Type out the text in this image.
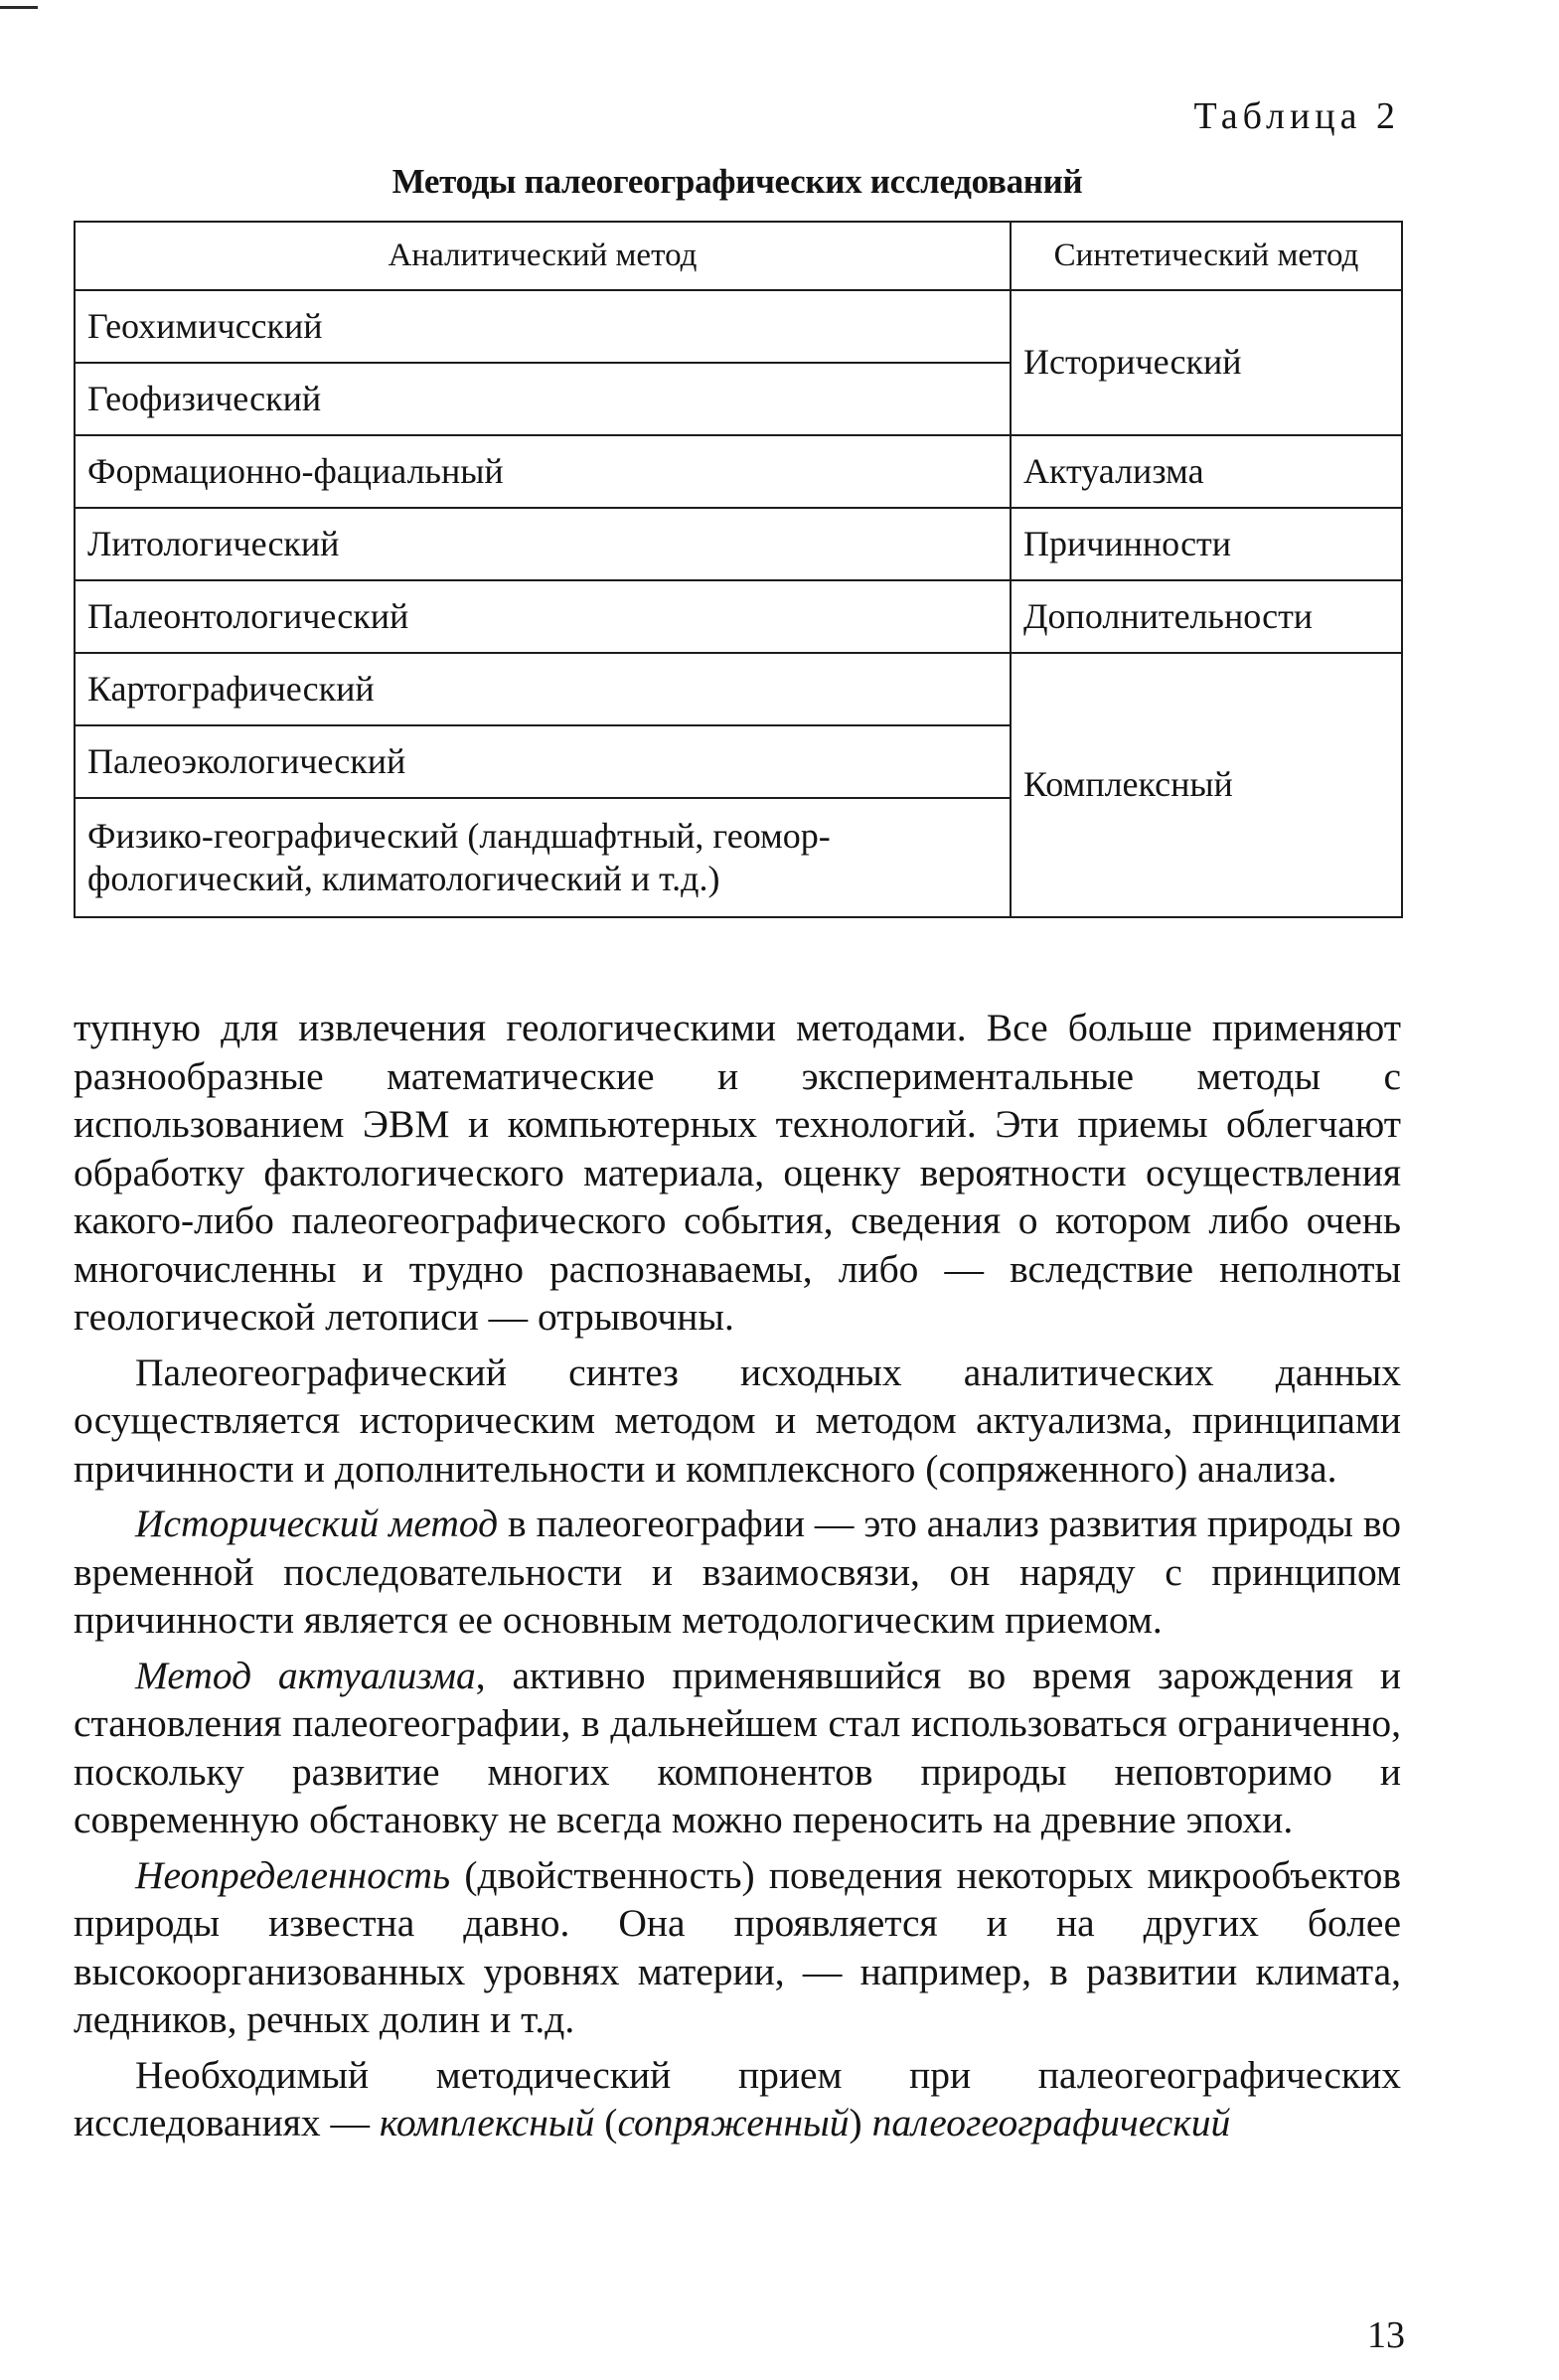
Таблица 2
Методы палеогеографических исследований
Аналитический метод	Синтетический метод
Геохимичсский	Исторический
Геофизический	
Формационно-фациальный	Актуализма
Литологический	Причинности
Палеонтологический	Дополнительности
Картографический	Комплексный
Палеоэкологический	
Физико-географический (ландшафтный, геомор-фологический, климатологический и т.д.)	

тупную для извлечения геологическими методами. Все больше применяют разнообразные математические и экспериментальные методы с использованием ЭВМ и компьютерных технологий. Эти приемы облегчают обработку фактологического материала, оценку вероятности осуществления какого-либо палеогеографического события, сведения о котором либо очень многочисленны и трудно распознаваемы, либо — вследствие неполноты геологической летописи — отрывочны.

Палеогеографический синтез исходных аналитических данных осуществляется историческим методом и методом актуализма, принципами причинности и дополнительности и комплексного (сопряженного) анализа.

Исторический метод в палеогеографии — это анализ развития природы во временной последовательности и взаимосвязи, он наряду с принципом причинности является ее основным методологическим приемом.

Метод актуализма, активно применявшийся во время зарождения и становления палеогеографии, в дальнейшем стал использоваться ограниченно, поскольку развитие многих компонентов природы неповторимо и современную обстановку не всегда можно переносить на древние эпохи.

Неопределенность (двойственность) поведения некоторых микрообъектов природы известна давно. Она проявляется и на других более высокоорганизованных уровнях материи, — например, в развитии климата, ледников, речных долин и т.д.

Необходимый методический прием при палеогеографических исследованиях — комплексный (сопряженный) палеогеографический

13
